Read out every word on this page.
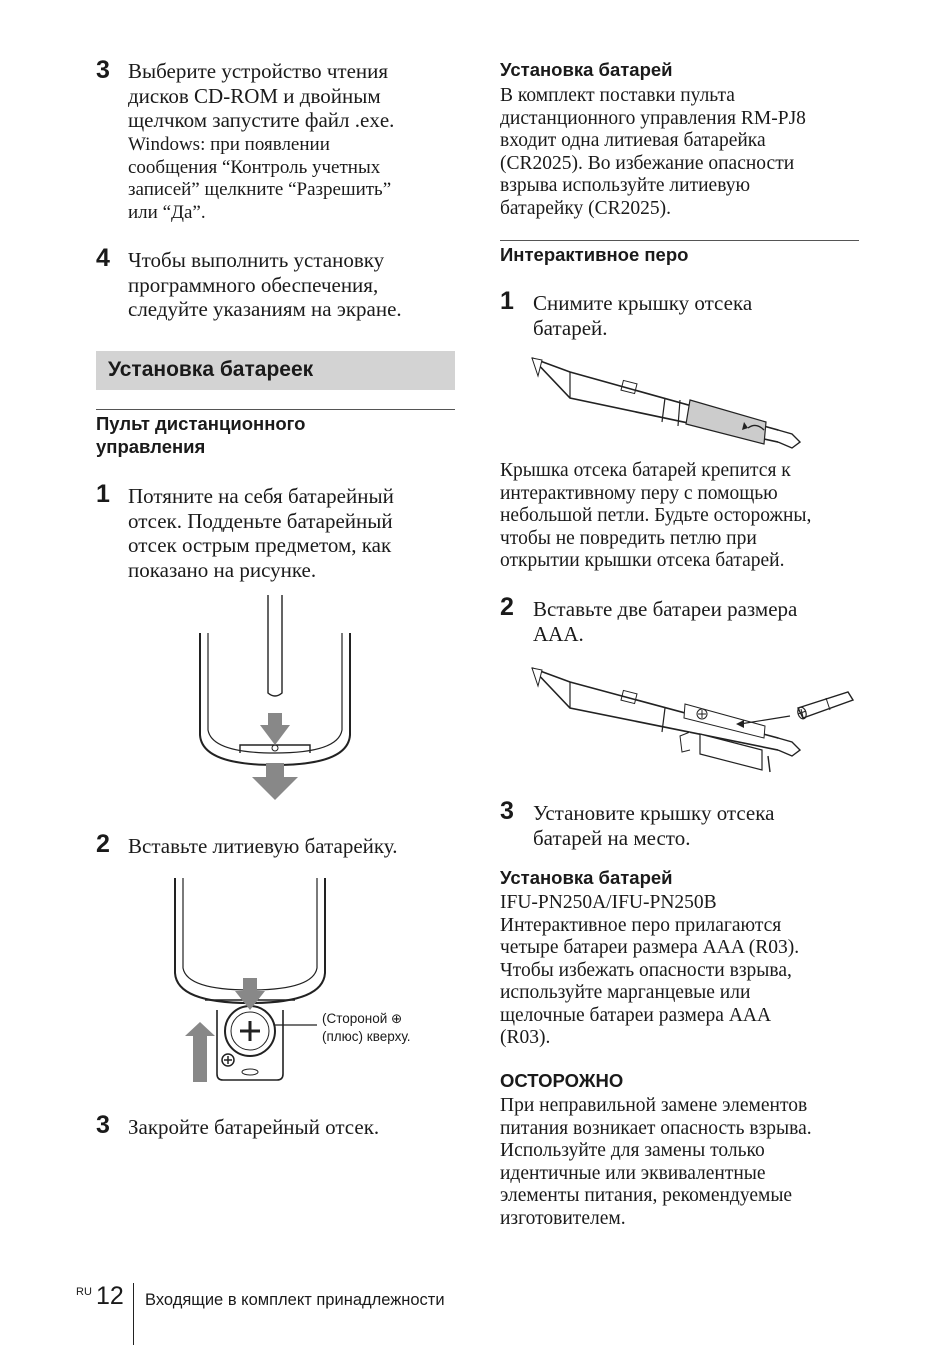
3 Выберите устройство чтения
дисков CD-ROM и двойным
щелчком запустите файл .exe.
Windows: при появлении
сообщения “Контроль учетных
записей” щелкните “Разрешить”
или “Да”.
4 Чтобы выполнить установку
программного обеспечения,
следуйте указаниям на экране.
Установка батареек
Пульт дистанционного
управления
1 Потяните на себя батарейный
отсек. Подденьте батарейный
отсек острым предметом, как
показано на рисунке.
2 Вставьте литиевую батарейку.
(Стороной ⊕
(плюс) кверху.
3 Закройте батарейный отсек.
Установка батарей
В комплект поставки пульта
дистанционного управления RM-PJ8
входит одна литиевая батарейка
(CR2025). Во избежание опасности
взрыва используйте литиевую
батарейку (CR2025).
Интерактивное перо
1 Снимите крышку отсека
батарей.
Крышка отсека батарей крепится к
интерактивному перу с помощью
небольшой петли. Будьте осторожны,
чтобы не повредить петлю при
открытии крышки отсека батарей.
2 Вставьте две батареи размера
AAA.
3 Установите крышку отсека
батарей на место.
Установка батарей
IFU-PN250A/IFU-PN250B
Интерактивное перо прилагаются
четыре батареи размера AAA (R03).
Чтобы избежать опасности взрыва,
используйте марганцевые или
щелочные батареи размера AAA
(R03).
ОСТОРОЖНО
При неправильной замене элементов
питания возникает опасность взрыва.
Используйте для замены только
идентичные или эквивалентные
элементы питания, рекомендуемые
изготовителем.
RU 12 Входящие в комплект принадлежности
